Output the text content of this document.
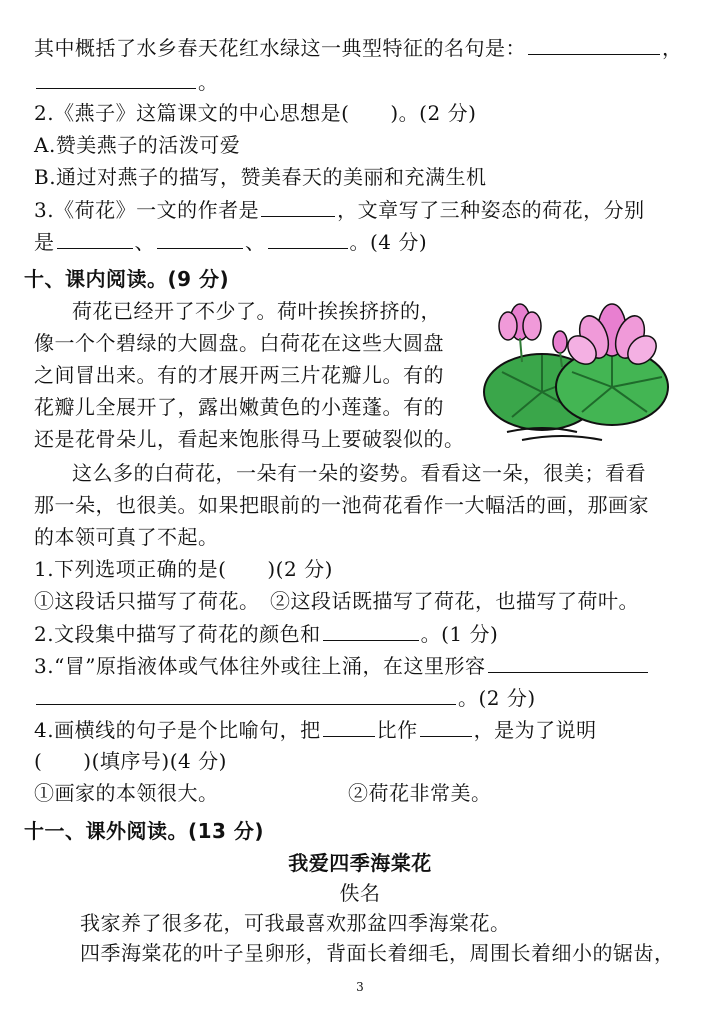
其中概括了水乡春天花红水绿这一典型特征的名句是：	，
。
2.《燕子》这篇课文的中心思想是(　　)。(2 分)
A.赞美燕子的活泼可爱
B.通过对燕子的描写，赞美春天的美丽和充满生机
3.《荷花》一文的作者是	，文章写了三种姿态的荷花，分别
是	、	、	。(4 分)
十、课内阅读。(9 分)
荷花已经开了不少了。荷叶挨挨挤挤的，
像一个个碧绿的大圆盘。白荷花在这些大圆盘
之间冒出来。有的才展开两三片花瓣儿。有的
花瓣儿全展开了，露出嫩黄色的小莲蓬。有的
还是花骨朵儿，看起来饱胀得马上要破裂似的。
这么多的白荷花，一朵有一朵的姿势。看看这一朵，很美；看看
那一朵，也很美。如果把眼前的一池荷花看作一大幅活的画，那画家
的本领可真了不起。
1.下列选项正确的是(　　)(2 分)
①这段话只描写了荷花。　②这段话既描写了荷花，也描写了荷叶。
2.文段集中描写了荷花的颜色和	。(1 分)
3.“冒”原指液体或气体往外或往上涌，在这里形容
。(2 分)
4.画横线的句子是个比喻句，把	比作	，是为了说明
(　　)(填序号)(4 分)
①画家的本领很大。	②荷花非常美。
十一、课外阅读。(13 分)
我爱四季海棠花
佚名
我家养了很多花，可我最喜欢那盆四季海棠花。
四季海棠花的叶子呈卵形，背面长着细毛，周围长着细小的锯齿，
3
